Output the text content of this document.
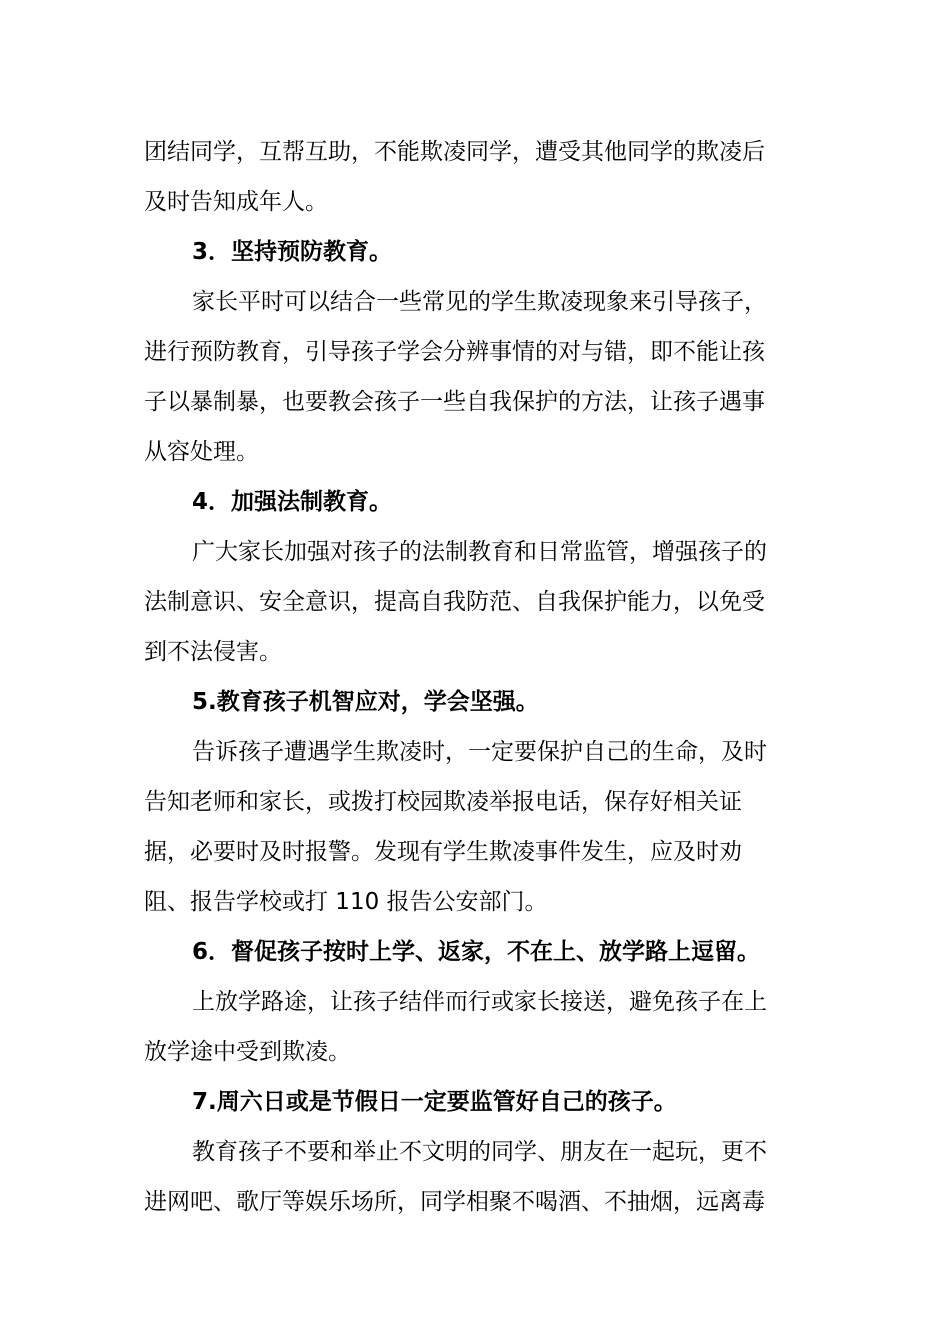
团结同学，互帮互助，不能欺凌同学，遭受其他同学的欺凌后
及时告知成年人。
3．坚持预防教育。
家长平时可以结合一些常见的学生欺凌现象来引导孩子，
进行预防教育，引导孩子学会分辨事情的对与错，即不能让孩
子以暴制暴，也要教会孩子一些自我保护的方法，让孩子遇事
从容处理。
4．加强法制教育。
广大家长加强对孩子的法制教育和日常监管，增强孩子的
法制意识、安全意识，提高自我防范、自我保护能力，以免受
到不法侵害。
5.教育孩子机智应对，学会坚强。
告诉孩子遭遇学生欺凌时，一定要保护自己的生命，及时
告知老师和家长，或拨打校园欺凌举报电话，保存好相关证
据，必要时及时报警。发现有学生欺凌事件发生，应及时劝
阻、报告学校或打 110 报告公安部门。
6．督促孩子按时上学、返家，不在上、放学路上逗留。
上放学路途，让孩子结伴而行或家长接送，避免孩子在上
放学途中受到欺凌。
7.周六日或是节假日一定要监管好自己的孩子。
教育孩子不要和举止不文明的同学、朋友在一起玩，更不
进网吧、歌厅等娱乐场所，同学相聚不喝酒、不抽烟，远离毒
